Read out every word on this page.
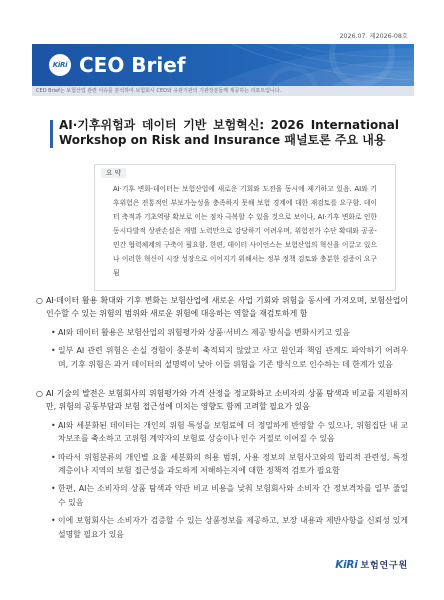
2026.07. 제2026-08호
KiRi CEO Brief
CEO Brief는 보험산업 관련 이슈를 분석하여 보험회사 CEO와 유관기관의 기관장분들께 제공하는 리포트입니다.
AI·기후위험과 데이터 기반 보험혁신: 2026 International Workshop on Risk and Insurance 패널토론 주요 내용
요 약

AI·기후 변화·데이터는 보험산업에 새로운 기회와 도전을 동시에 제기하고 있음. AI와 기후위험은 전통적인 부보가능성을 충족하지 못해 보험 경계에 대한 재검토를 요구함. 데이터 축적과 기초역량 확보로 이는 점차 극복할 수 있을 것으로 보이나, AI·기후 변화로 인한 동시다발적 상관손실은 개별 노력만으로 감당하기 어려우며, 위험전가 수단 확대와 공공-민간 협력체계의 구축이 필요함. 한편, 데이터 사이언스는 보험산업의 혁신을 이끌고 있으나 이러한 혁신이 시장 성장으로 이어지기 위해서는 정부 정책 검토와 충분한 검증이 요구됨

○ AI·데이터 활용 확대와 기후 변화는 보험산업에 새로운 사업 기회와 위험을 동시에 가져오며, 보험산업이 인수할 수 있는 위험의 범위와 새로운 위험에 대응하는 역할을 재검토하게 함
• AI와 데이터 활용은 보험산업의 위험평가와 상품·서비스 제공 방식을 변화시키고 있음
• 일부 AI 관련 위험은 손실 경험이 충분히 축적되지 않았고 사고 원인과 책임 관계도 파악하기 어려우며, 기후 위험은 과거 데이터의 설명력이 낮아 이들 위험을 기존 방식으로 인수하는 데 한계가 있음
○ AI 기술의 발전은 보험회사의 위험평가와 가격 산정을 정교화하고 소비자의 상품 탐색과 비교를 지원하지만, 위험의 공동부담과 보험 접근성에 미치는 영향도 함께 고려할 필요가 있음
• AI와 세분화된 데이터는 개인의 위험 특성을 보험료에 더 정밀하게 반영할 수 있으나, 위험집단 내 교차보조를 축소하고 고위험 계약자의 보험료 상승이나 인수 거절로 이어질 수 있음
• 따라서 위험분류의 개인별 요율 세분화의 허용 범위, 사용 정보의 보험사고와의 합리적 관련성, 특정 계층이나 지역의 보험 접근성을 과도하게 저해하는지에 대한 정책적 검토가 필요함
• 한편, AI는 소비자의 상품 탐색과 약관 비교 비용을 낮춰 보험회사와 소비자 간 정보격차를 일부 줄일 수 있음
• 이에 보험회사는 소비자가 검증할 수 있는 상품정보를 제공하고, 보장 내용과 제반사항을 신뢰성 있게 설명할 필요가 있음
KiRi 보험연구원
